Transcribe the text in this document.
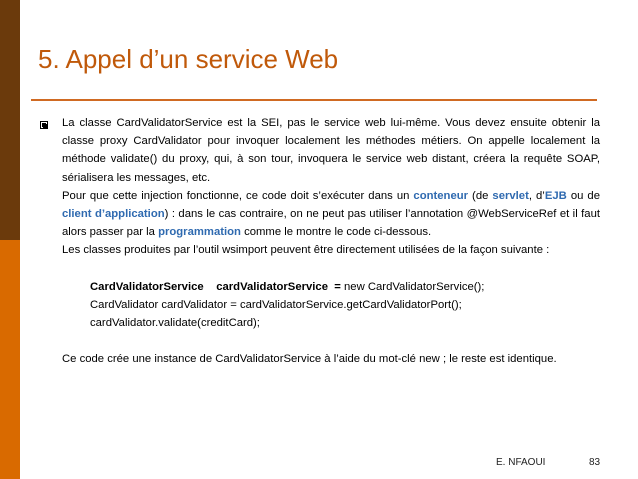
5. Appel d’un service Web

La classe CardValidatorService est la SEI, pas le service web lui-même. Vous devez ensuite obtenir la classe proxy CardValidator pour invoquer localement les méthodes métiers. On appelle localement la méthode validate() du proxy, qui, à son tour, invoquera le service web distant, créera la requête SOAP, sérialisera les messages, etc.

Pour que cette injection fonctionne, ce code doit s’exécuter dans un conteneur (de servlet, d’EJB ou de client d’application) : dans le cas contraire, on ne peut pas utiliser l’annotation @WebServiceRef et il faut alors passer par la programmation comme le montre le code ci-dessous.

Les classes produites par l’outil wsimport peuvent être directement utilisées de la façon suivante :

CardValidatorService    cardValidatorService  = new CardValidatorService();

CardValidator cardValidator = cardValidatorService.getCardValidatorPort();

cardValidator.validate(creditCard);

Ce code crée une instance de CardValidatorService à l’aide du mot-clé new ; le reste est identique.

E. NFAOUI	83
